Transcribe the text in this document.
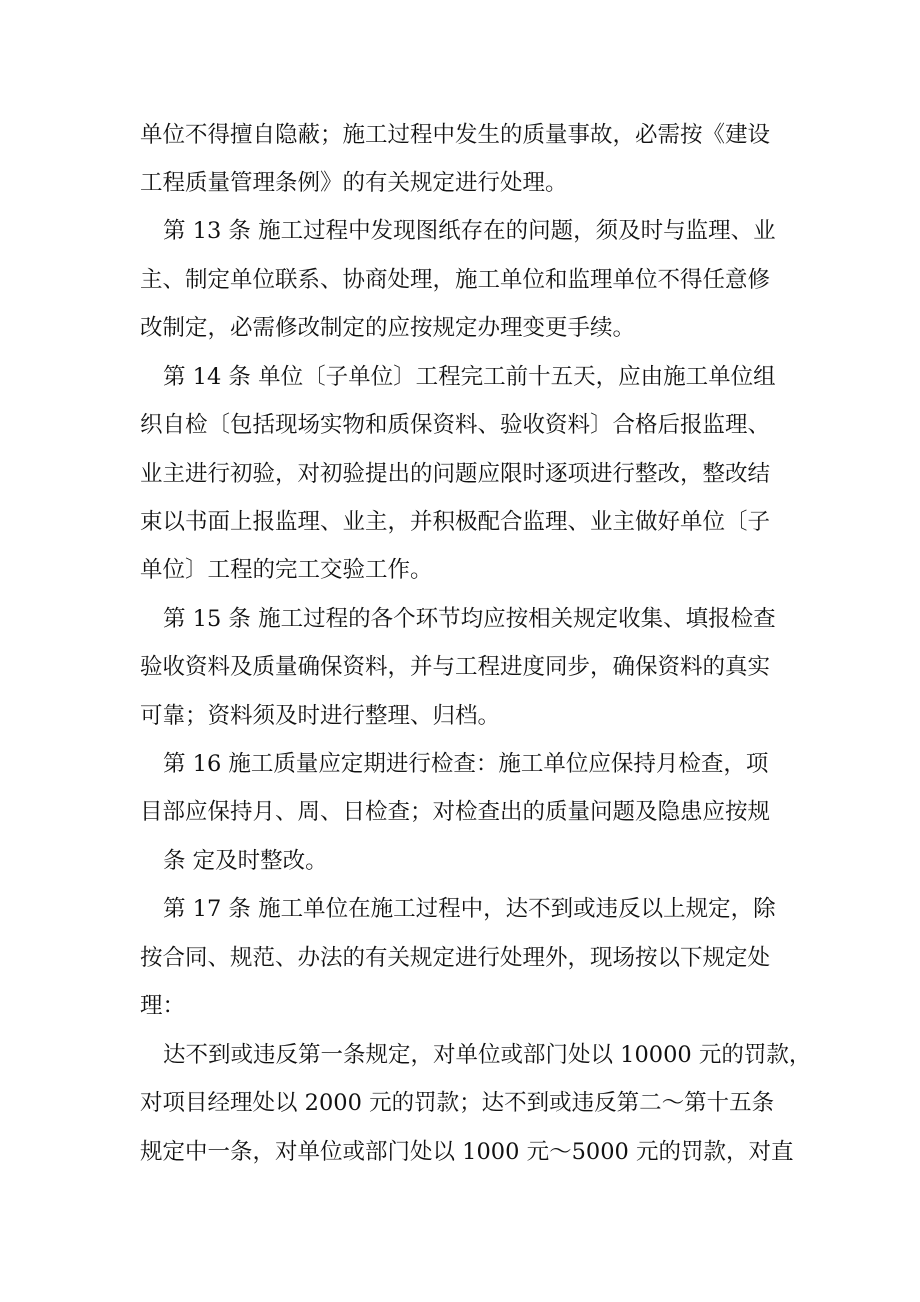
单位不得擅自隐蔽；施工过程中发生的质量事故，必需按《建设

工程质量管理条例》的有关规定进行处理。

第 13 条 施工过程中发现图纸存在的问题，须及时与监理、业

主、制定单位联系、协商处理，施工单位和监理单位不得任意修

改制定，必需修改制定的应按规定办理变更手续。

第 14 条 单位〔子单位〕工程完工前十五天，应由施工单位组

织自检〔包括现场实物和质保资料、验收资料〕合格后报监理、

业主进行初验，对初验提出的问题应限时逐项进行整改，整改结

束以书面上报监理、业主，并积极配合监理、业主做好单位〔子

单位〕工程的完工交验工作。

第 15 条 施工过程的各个环节均应按相关规定收集、填报检查

验收资料及质量确保资料，并与工程进度同步，确保资料的真实

可靠；资料须及时进行整理、归档。

第 16 施工质量应定期进行检查：施工单位应保持月检查，项

目部应保持月、周、日检查；对检查出的质量问题及隐患应按规

条 定及时整改。

第 17 条 施工单位在施工过程中，达不到或违反以上规定，除

按合同、规范、办法的有关规定进行处理外，现场按以下规定处

理：

达不到或违反第一条规定，对单位或部门处以 10000 元的罚款，

对项目经理处以 2000 元的罚款；达不到或违反第二～第十五条

规定中一条，对单位或部门处以 1000 元～5000 元的罚款，对直
